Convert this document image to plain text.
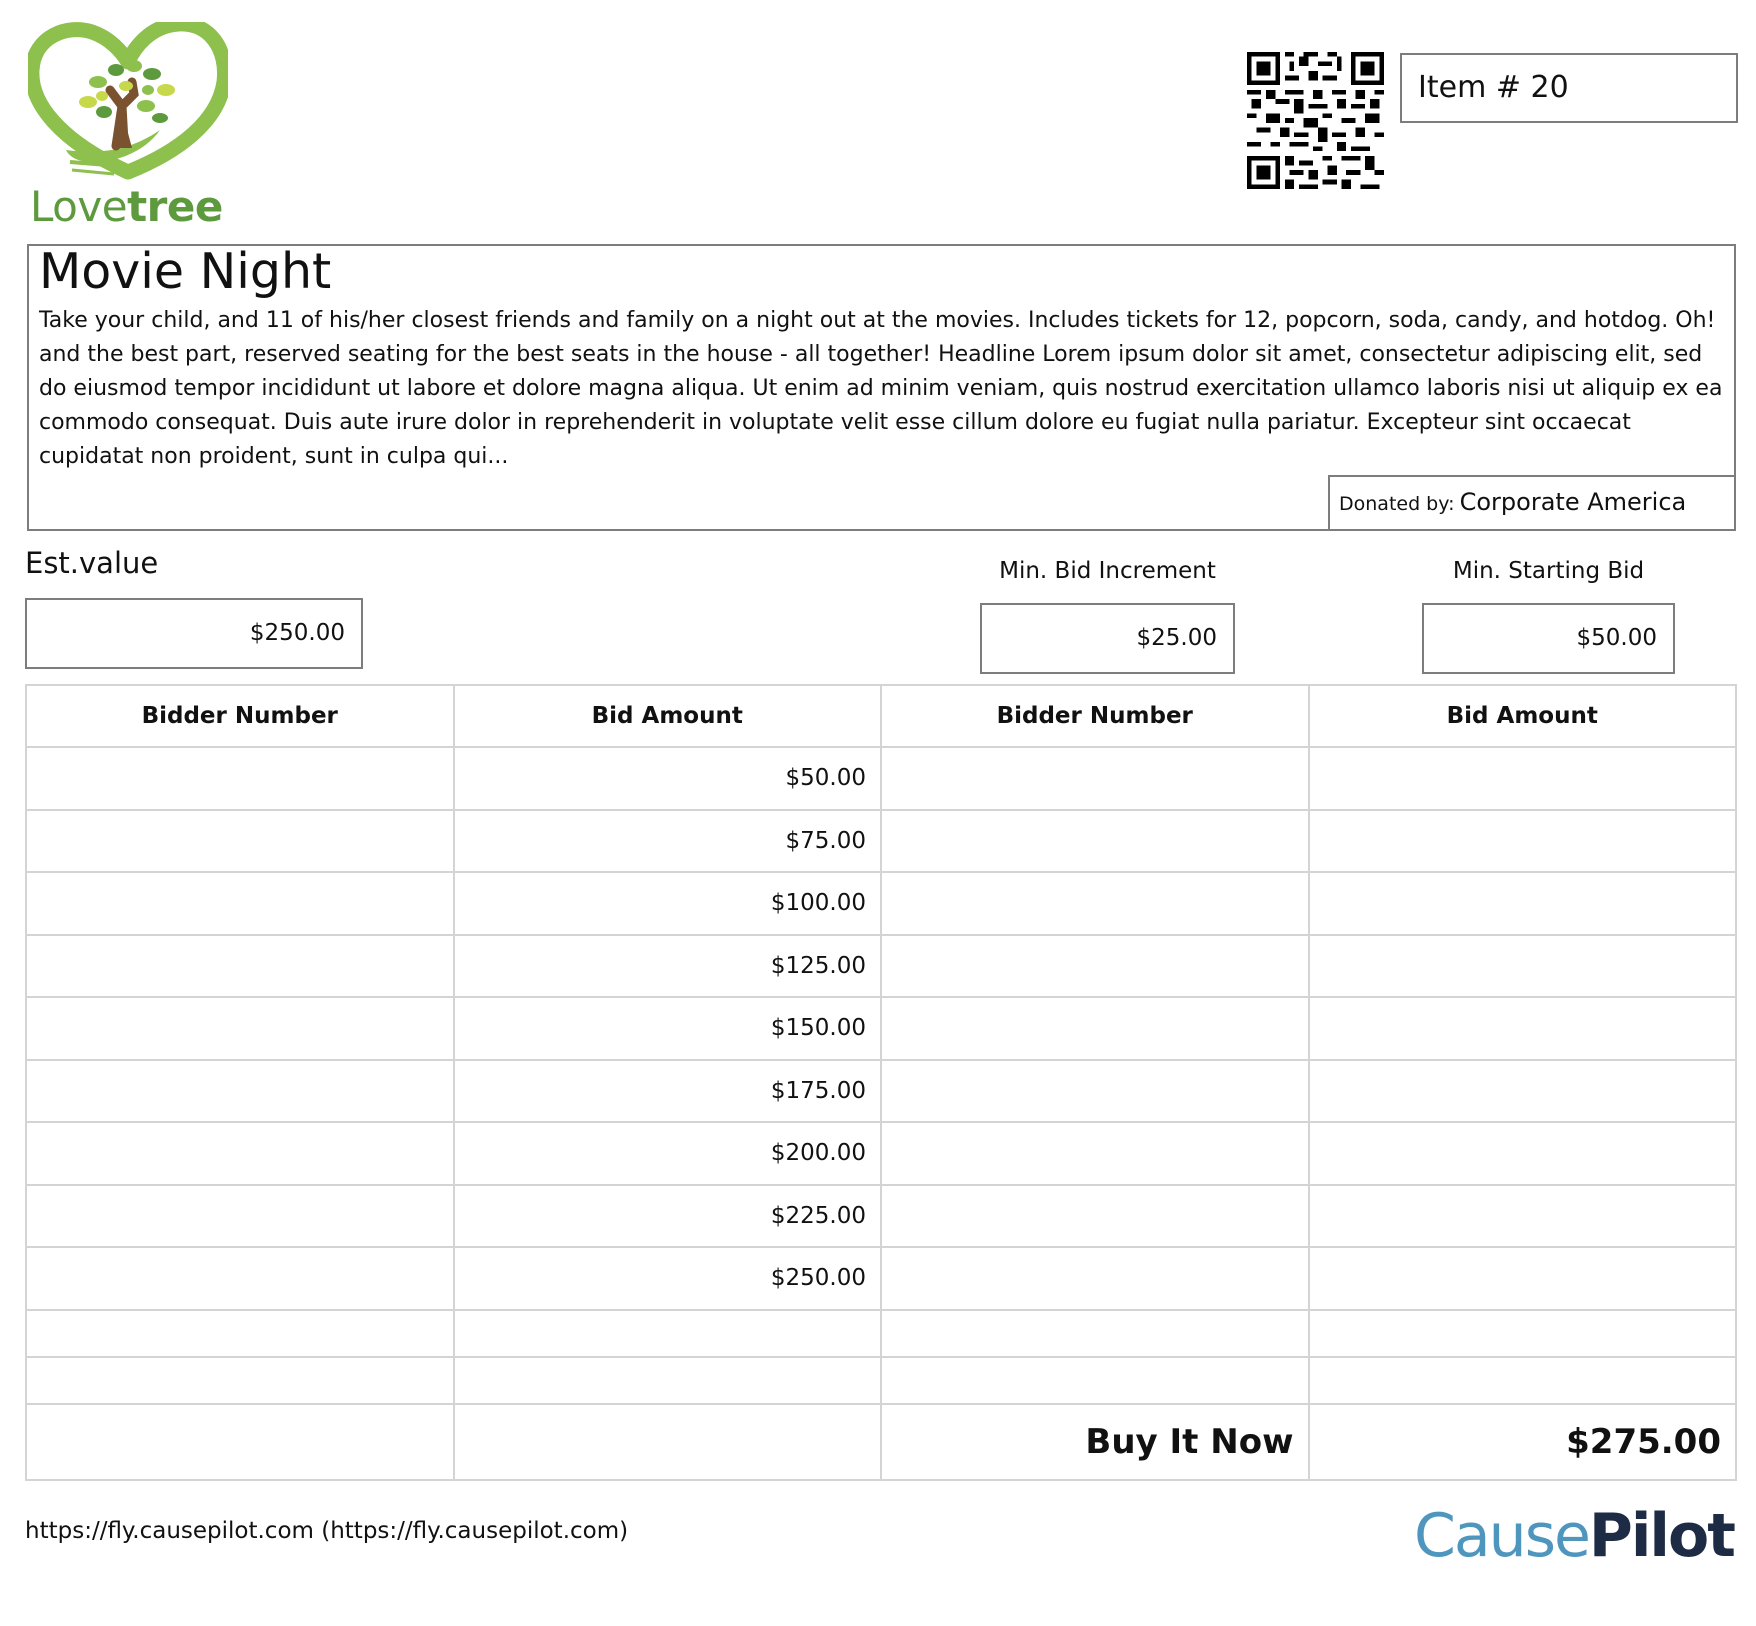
Lovetree
Item # 20
Movie Night
Take your child, and 11 of his/her closest friends and family on a night out at the movies. Includes tickets for 12, popcorn, soda, candy, and hotdog. Oh! and the best part, reserved seating for the best seats in the house - all together! Headline Lorem ipsum dolor sit amet, consectetur adipiscing elit, sed do eiusmod tempor incididunt ut labore et dolore magna aliqua. Ut enim ad minim veniam, quis nostrud exercitation ullamco laboris nisi ut aliquip ex ea commodo consequat. Duis aute irure dolor in reprehenderit in voluptate velit esse cillum dolore eu fugiat nulla pariatur. Excepteur sint occaecat cupidatat non proident, sunt in culpa qui...
Donated by: Corporate America
Est.value
$250.00
Min. Bid Increment
$25.00
Min. Starting Bid
$50.00
Bidder Number	Bid Amount	Bidder Number	Bid Amount
	$50.00		
	$75.00		
	$100.00		
	$125.00		
	$150.00		
	$175.00		
	$200.00		
	$225.00		
	$250.00		

		Buy It Now	$275.00
https://fly.causepilot.com (https://fly.causepilot.com)	CausePilot
